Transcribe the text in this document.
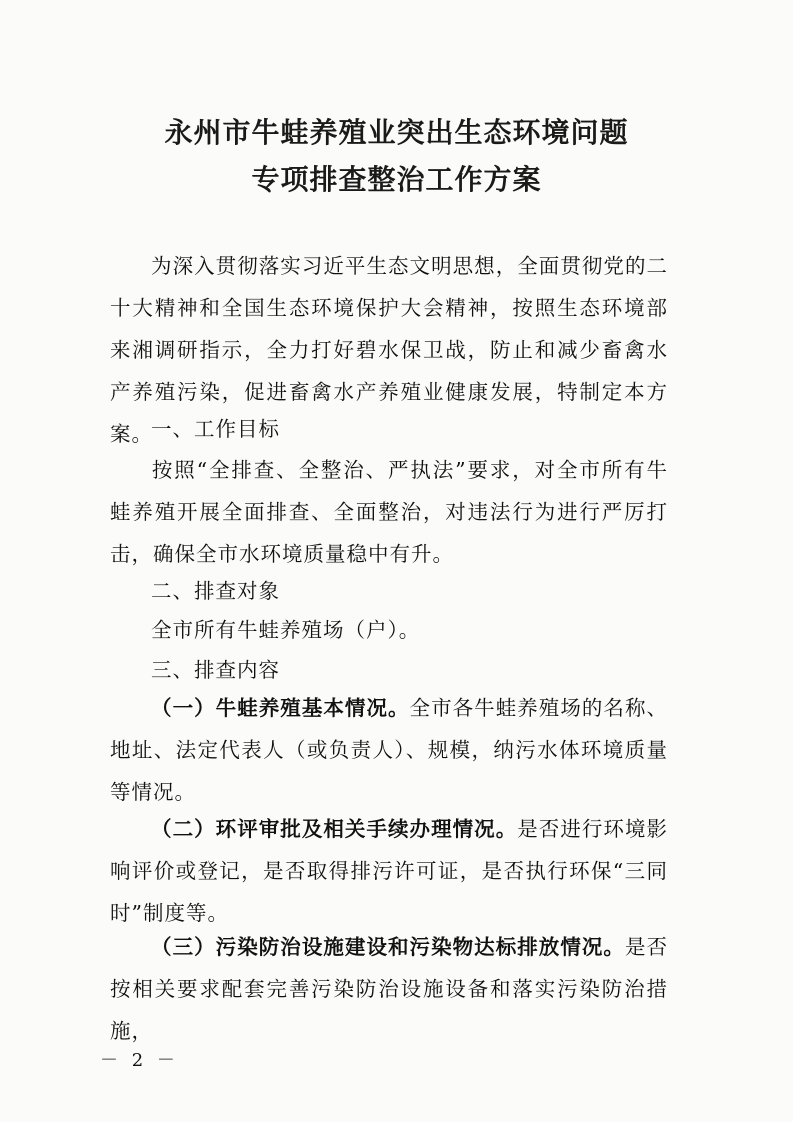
永州市牛蛙养殖业突出生态环境问题
专项排查整治工作方案

为深入贯彻落实习近平生态文明思想，全面贯彻党的二十大精神和全国生态环境保护大会精神，按照生态环境部来湘调研指示，全力打好碧水保卫战，防止和减少畜禽水产养殖污染，促进畜禽水产养殖业健康发展，特制定本方案。

一、工作目标

按照“全排查、全整治、严执法”要求，对全市所有牛蛙养殖开展全面排查、全面整治，对违法行为进行严厉打击，确保全市水环境质量稳中有升。

二、排查对象

全市所有牛蛙养殖场（户）。

三、排查内容

（一）牛蛙养殖基本情况。全市各牛蛙养殖场的名称、地址、法定代表人（或负责人）、规模，纳污水体环境质量等情况。

（二）环评审批及相关手续办理情况。是否进行环境影响评价或登记，是否取得排污许可证，是否执行环保“三同时”制度等。

（三）污染防治设施建设和污染物达标排放情况。是否按相关要求配套完善污染防治设施设备和落实污染防治措施，

－ 2 －
